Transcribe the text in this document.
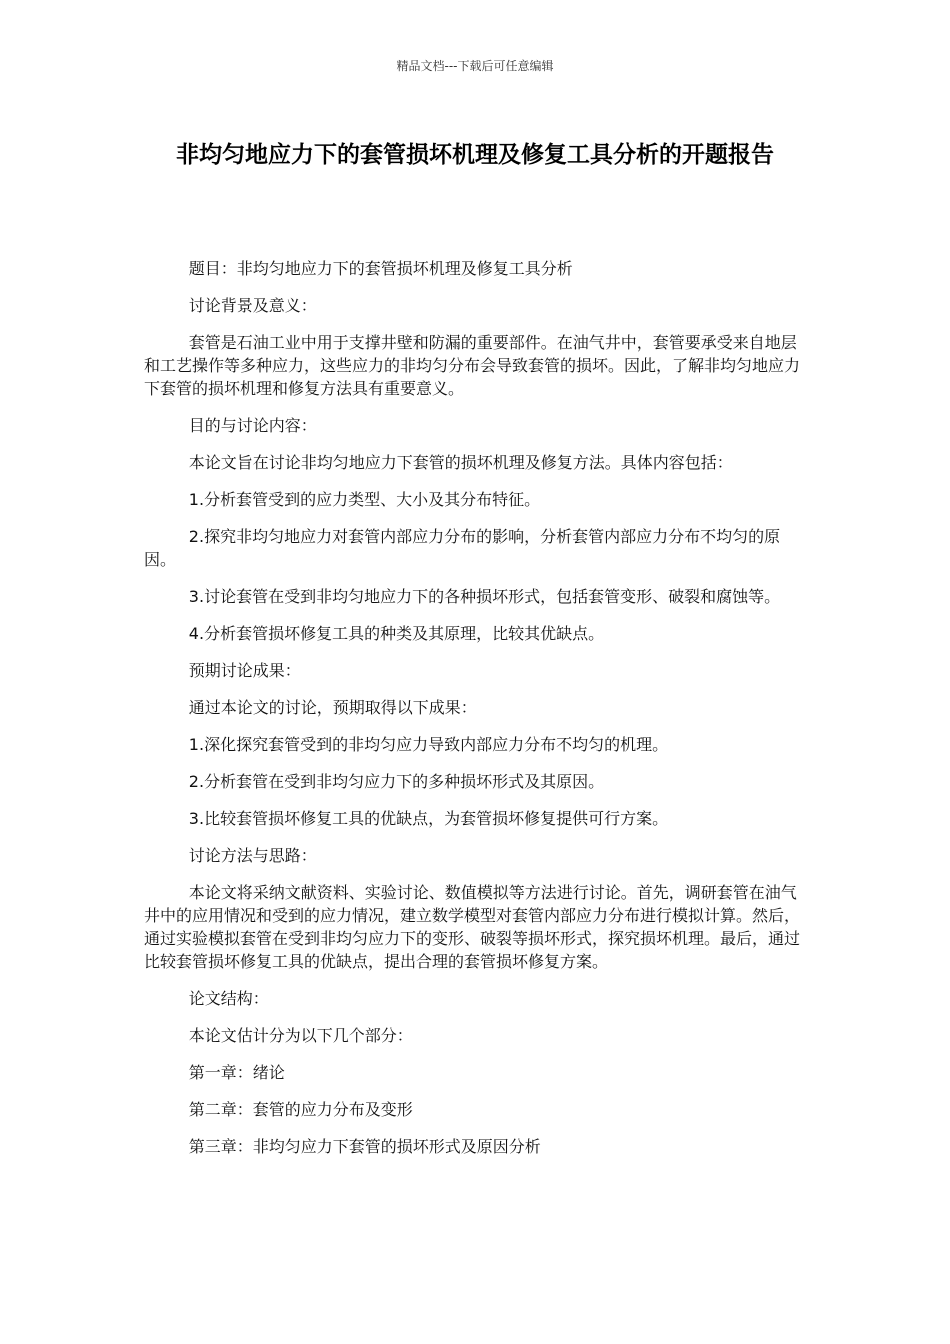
精品文档---下载后可任意编辑
非均匀地应力下的套管损坏机理及修复工具分析的开题报告

题目：非均匀地应力下的套管损坏机理及修复工具分析

讨论背景及意义：

套管是石油工业中用于支撑井壁和防漏的重要部件。在油气井中，套管要承受来自地层和工艺操作等多种应力，这些应力的非均匀分布会导致套管的损坏。因此，了解非均匀地应力下套管的损坏机理和修复方法具有重要意义。

目的与讨论内容：

本论文旨在讨论非均匀地应力下套管的损坏机理及修复方法。具体内容包括：

1.分析套管受到的应力类型、大小及其分布特征。

2.探究非均匀地应力对套管内部应力分布的影响，分析套管内部应力分布不均匀的原因。

3.讨论套管在受到非均匀地应力下的各种损坏形式，包括套管变形、破裂和腐蚀等。

4.分析套管损坏修复工具的种类及其原理，比较其优缺点。

预期讨论成果：

通过本论文的讨论，预期取得以下成果：

1.深化探究套管受到的非均匀应力导致内部应力分布不均匀的机理。

2.分析套管在受到非均匀应力下的多种损坏形式及其原因。

3.比较套管损坏修复工具的优缺点，为套管损坏修复提供可行方案。

讨论方法与思路：

本论文将采纳文献资料、实验讨论、数值模拟等方法进行讨论。首先，调研套管在油气井中的应用情况和受到的应力情况，建立数学模型对套管内部应力分布进行模拟计算。然后，通过实验模拟套管在受到非均匀应力下的变形、破裂等损坏形式，探究损坏机理。最后，通过比较套管损坏修复工具的优缺点，提出合理的套管损坏修复方案。

论文结构：

本论文估计分为以下几个部分：

第一章：绪论

第二章：套管的应力分布及变形

第三章：非均匀应力下套管的损坏形式及原因分析
